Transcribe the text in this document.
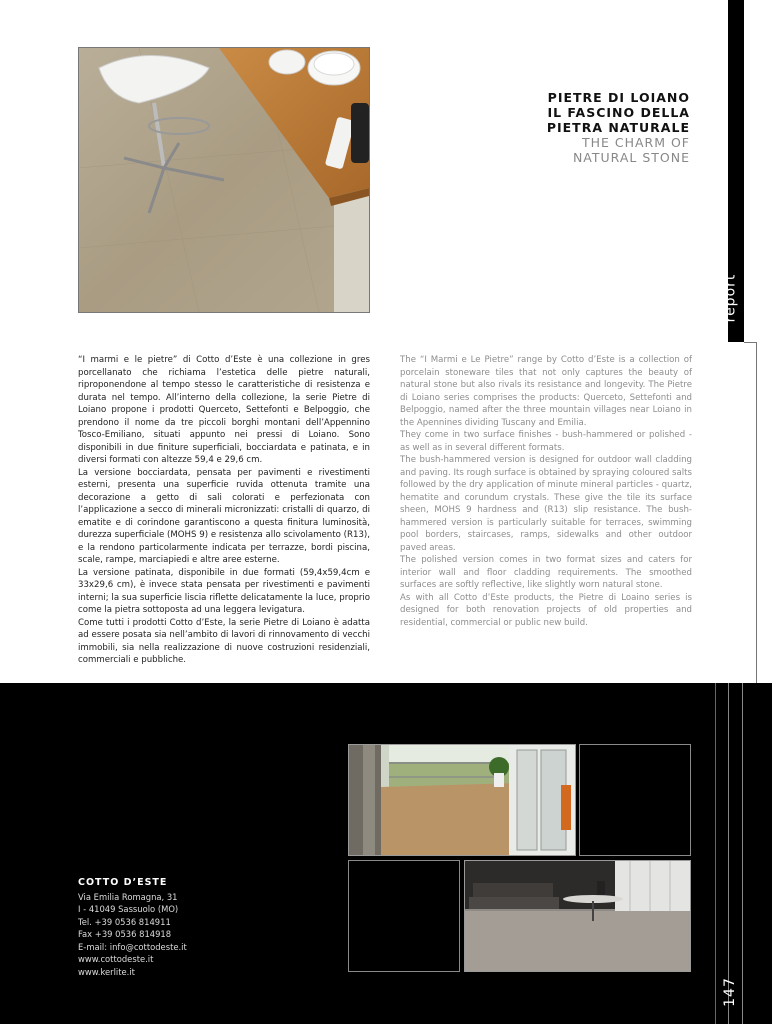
report
PIETRE DI LOIANO
IL FASCINO DELLA
PIETRA NATURALE
THE CHARM OF
NATURAL STONE

“I marmi e le pietre” di Cotto d’Este è una collezione in gres porcellanato che richiama l’estetica delle pietre naturali, riproponendone al tempo stesso le caratteristiche di resistenza e durata nel tempo. All’interno della collezione, la serie Pietre di Loiano propone i prodotti Querceto, Settefonti e Belpoggio, che prendono il nome da tre piccoli borghi montani dell’Appennino Tosco-Emiliano, situati appunto nei pressi di Loiano. Sono disponibili in due finiture superficiali, bocciardata e patinata, e in diversi formati con altezze 59,4 e 29,6 cm.

La versione bocciardata, pensata per pavimenti e rivestimenti esterni, presenta una superficie ruvida ottenuta tramite una decorazione a getto di sali colorati e perfezionata con l’applicazione a secco di minerali micronizzati: cristalli di quarzo, di ematite e di corindone garantiscono a questa finitura luminosità, durezza superficiale (MOHS 9) e resistenza allo scivolamento (R13), e la rendono particolarmente indicata per terrazze, bordi piscina, scale, rampe, marciapiedi e altre aree esterne.

La versione patinata, disponibile in due formati (59,4x59,4cm e 33x29,6 cm), è invece stata pensata per rivestimenti e pavimenti interni; la sua superficie liscia riflette delicatamente la luce, proprio come la pietra sottoposta ad una leggera levigatura.

Come tutti i prodotti Cotto d’Este, la serie Pietre di Loiano è adatta ad essere posata sia nell’ambito di lavori di rinnovamento di vecchi immobili, sia nella realizzazione di nuove costruzioni residenziali, commerciali e pubbliche.

The “I Marmi e Le Pietre” range by Cotto d’Este is a collection of porcelain stoneware tiles that not only captures the beauty of natural stone but also rivals its resistance and longevity. The Pietre di Loiano series comprises the products: Querceto, Settefonti and Belpoggio, named after the three mountain villages near Loiano in the Apennines dividing Tuscany and Emilia.

They come in two surface finishes - bush-hammered or polished - as well as in several different formats.

The bush-hammered version is designed for outdoor wall cladding and paving. Its rough surface is obtained by spraying coloured salts followed by the dry application of minute mineral particles - quartz, hematite and corundum crystals. These give the tile its surface sheen, MOHS 9 hardness and (R13) slip resistance. The bush-hammered version is particularly suitable for terraces, swimming pool borders, staircases, ramps, sidewalks and other outdoor paved areas.

The polished version comes in two format sizes and caters for interior wall and floor cladding requirements. The smoothed surfaces are softly reflective, like slightly worn natural stone.

As with all Cotto d’Este products, the Pietre di Loaino series is designed for both renovation projects of old properties and residential, commercial or public new build.

COTTO D’ESTE
Via Emilia Romagna, 31
I - 41049 Sassuolo (MO)
Tel. +39 0536 814911
Fax +39 0536 814918
E-mail: info@cottodeste.it
www.cottodeste.it
www.kerlite.it
147
